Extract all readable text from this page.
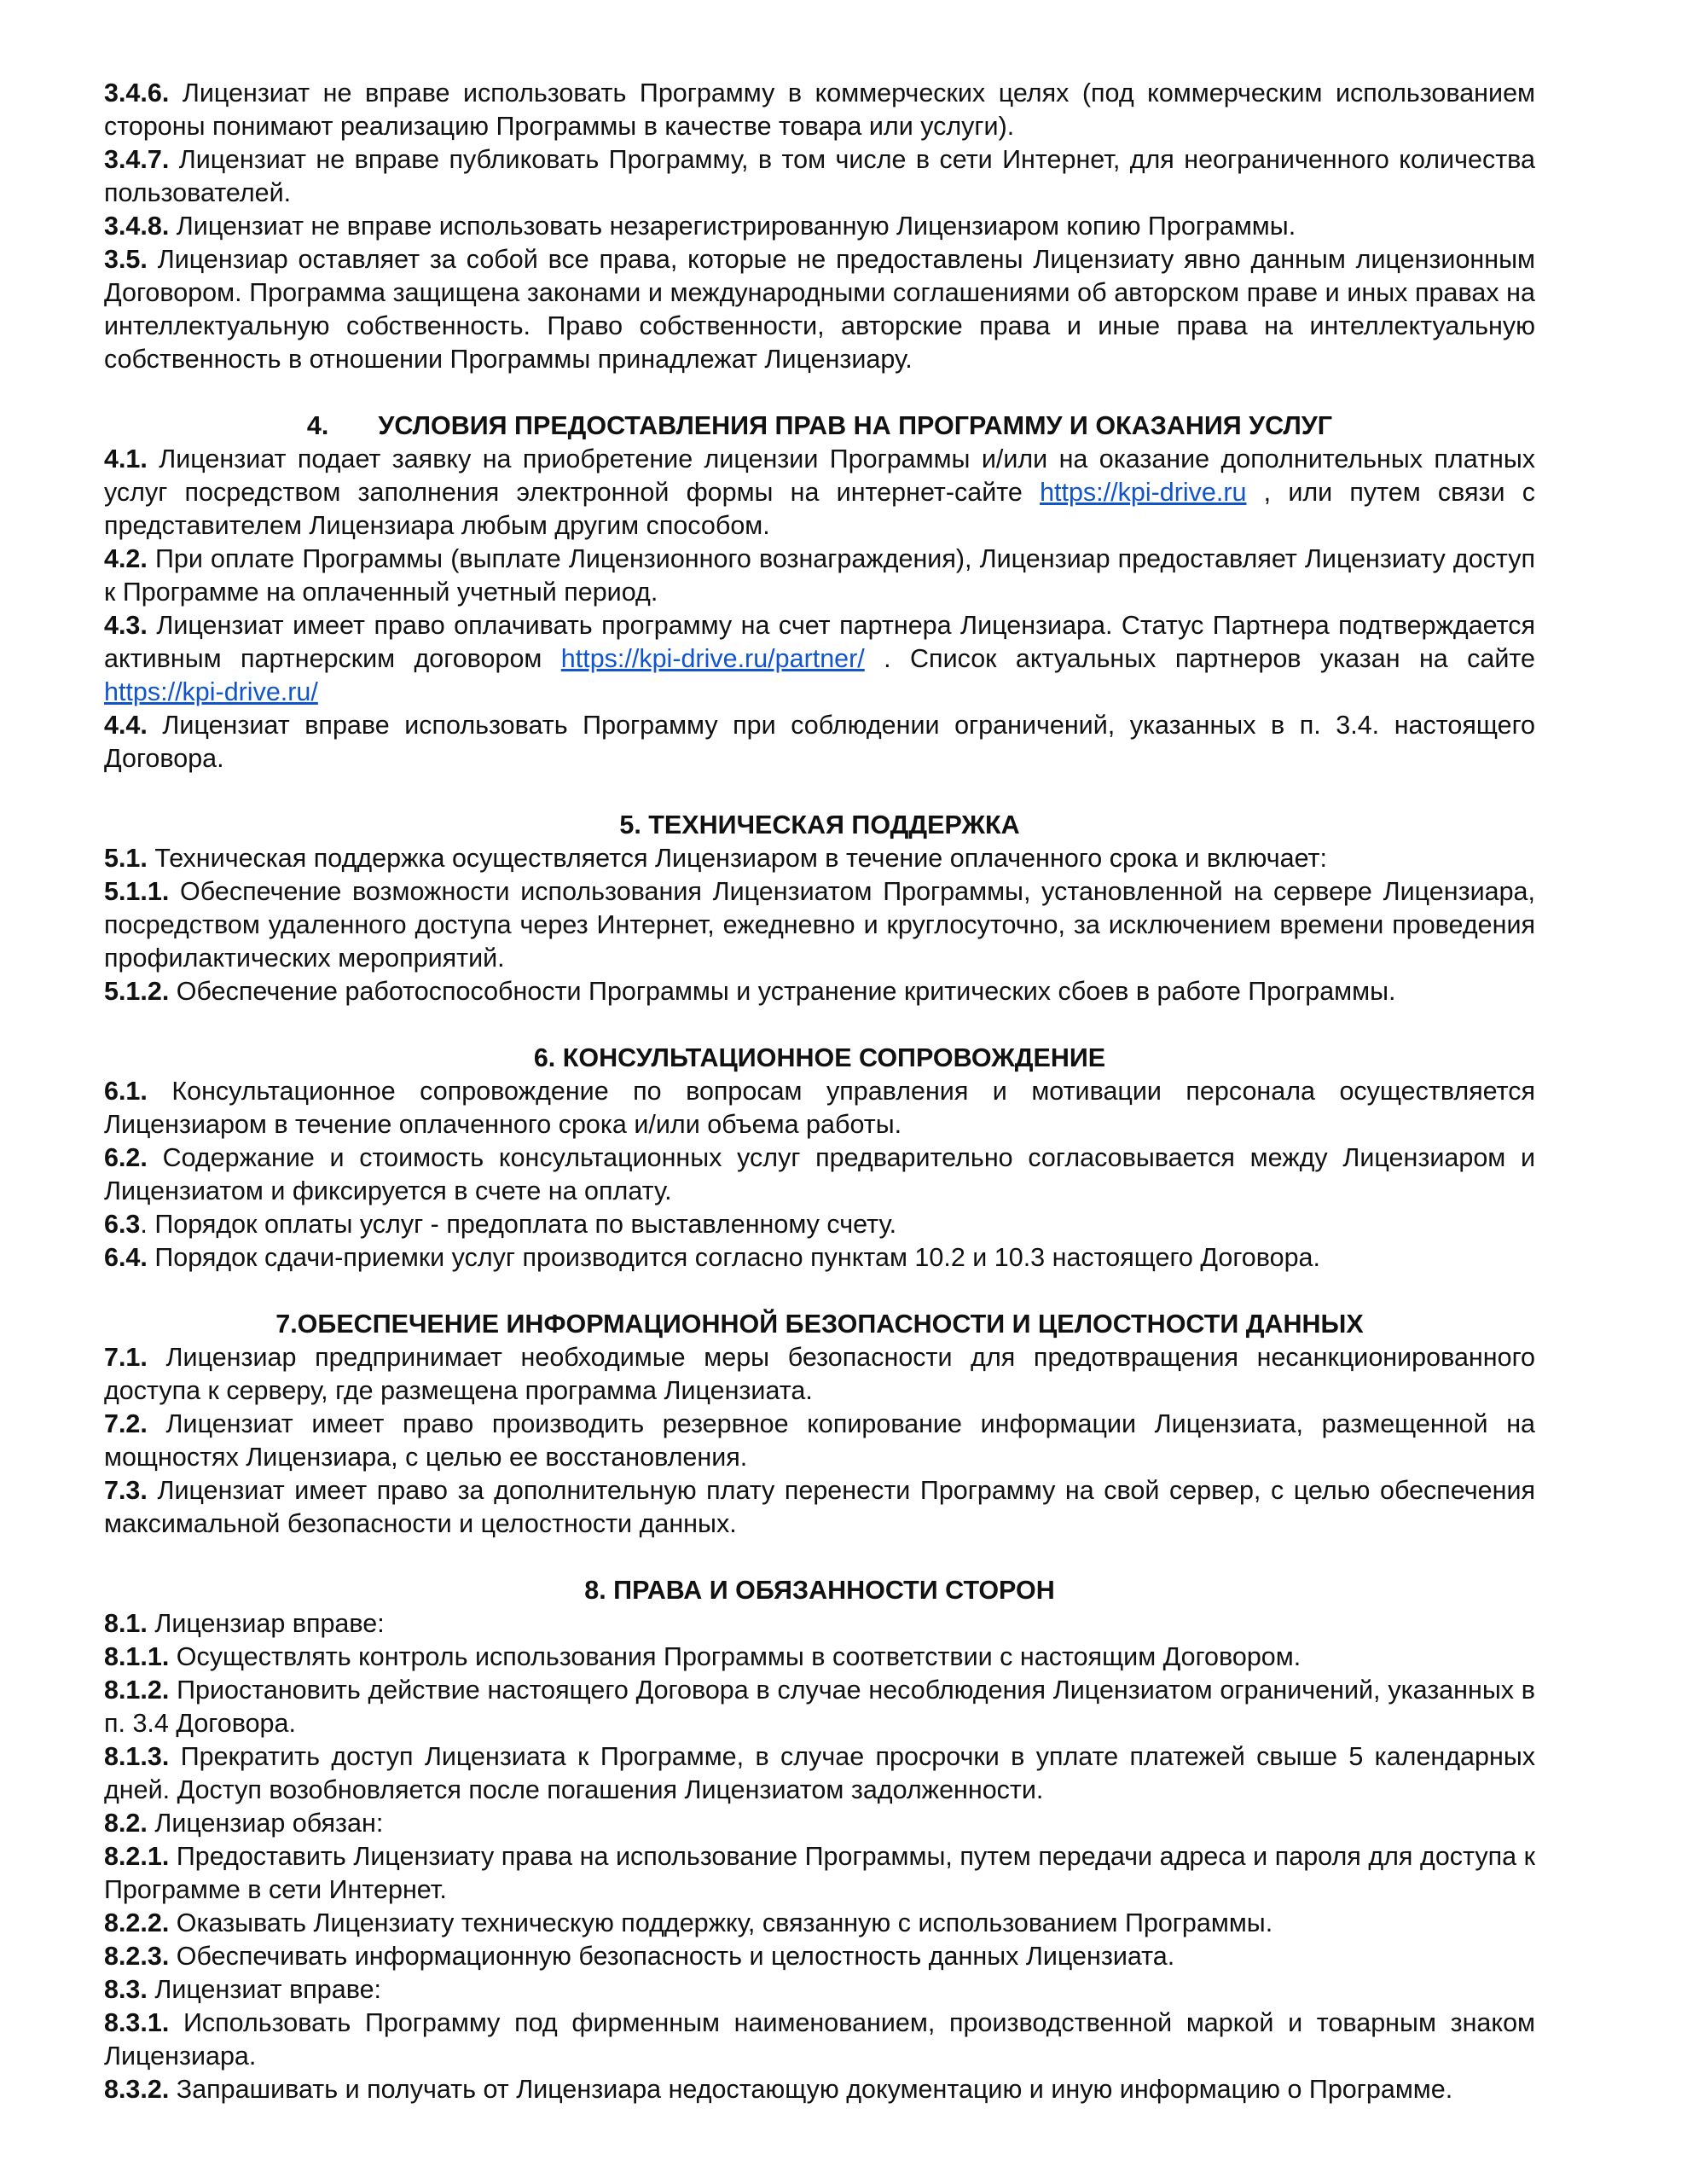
3.4.6. Лицензиат не вправе использовать Программу в коммерческих целях (под коммерческим использованием стороны понимают реализацию Программы в качестве товара или услуги).

3.4.7. Лицензиат не вправе публиковать Программу, в том числе в сети Интернет, для неограниченного количества пользователей.

3.4.8. Лицензиат не вправе использовать незарегистрированную Лицензиаром копию Программы.

3.5. Лицензиар оставляет за собой все права, которые не предоставлены Лицензиату явно данным лицензионным Договором. Программа защищена законами и международными соглашениями об авторском праве и иных правах на интеллектуальную собственность. Право собственности, авторские права и иные права на интеллектуальную собственность в отношении Программы принадлежат Лицензиару.

4. УСЛОВИЯ ПРЕДОСТАВЛЕНИЯ ПРАВ НА ПРОГРАММУ И ОКАЗАНИЯ УСЛУГ

4.1. Лицензиат подает заявку на приобретение лицензии Программы и/или на оказание дополнительных платных услуг посредством заполнения электронной формы на интернет-сайте https://kpi-drive.ru , или путем связи с представителем Лицензиара любым другим способом.

4.2. При оплате Программы (выплате Лицензионного вознаграждения), Лицензиар предоставляет Лицензиату доступ к Программе на оплаченный учетный период.

4.3. Лицензиат имеет право оплачивать программу на счет партнера Лицензиара. Статус Партнера подтверждается активным партнерским договором https://kpi-drive.ru/partner/ . Список актуальных партнеров указан на сайте https://kpi-drive.ru/

4.4. Лицензиат вправе использовать Программу при соблюдении ограничений, указанных в п. 3.4. настоящего Договора.

5. ТЕХНИЧЕСКАЯ ПОДДЕРЖКА

5.1. Техническая поддержка осуществляется Лицензиаром в течение оплаченного срока и включает:

5.1.1. Обеспечение возможности использования Лицензиатом Программы, установленной на сервере Лицензиара, посредством удаленного доступа через Интернет, ежедневно и круглосуточно, за исключением времени проведения профилактических мероприятий.

5.1.2. Обеспечение работоспособности Программы и устранение критических сбоев в работе Программы.

6. КОНСУЛЬТАЦИОННОЕ СОПРОВОЖДЕНИЕ

6.1. Консультационное сопровождение по вопросам управления и мотивации персонала осуществляется Лицензиаром в течение оплаченного срока и/или объема работы.

6.2. Содержание и стоимость консультационных услуг предварительно согласовывается между Лицензиаром и Лицензиатом и фиксируется в счете на оплату.

6.3. Порядок оплаты услуг - предоплата по выставленному счету.

6.4. Порядок сдачи-приемки услуг производится согласно пунктам 10.2 и 10.3 настоящего Договора.

7.ОБЕСПЕЧЕНИЕ ИНФОРМАЦИОННОЙ БЕЗОПАСНОСТИ И ЦЕЛОСТНОСТИ ДАННЫХ

7.1. Лицензиар предпринимает необходимые меры безопасности для предотвращения несанкционированного доступа к серверу, где размещена программа Лицензиата.

7.2. Лицензиат имеет право производить резервное копирование информации Лицензиата, размещенной на мощностях Лицензиара, с целью ее восстановления.

7.3. Лицензиат имеет право за дополнительную плату перенести Программу на свой сервер, с целью обеспечения максимальной безопасности и целостности данных.

8. ПРАВА И ОБЯЗАННОСТИ СТОРОН

8.1. Лицензиар вправе:

8.1.1. Осуществлять контроль использования Программы в соответствии с настоящим Договором.

8.1.2. Приостановить действие настоящего Договора в случае несоблюдения Лицензиатом ограничений, указанных в п. 3.4 Договора.

8.1.3. Прекратить доступ Лицензиата к Программе, в случае просрочки в уплате платежей свыше 5 календарных дней. Доступ возобновляется после погашения Лицензиатом задолженности.

8.2. Лицензиар обязан:

8.2.1. Предоставить Лицензиату права на использование Программы, путем передачи адреса и пароля для доступа к Программе в сети Интернет.

8.2.2. Оказывать Лицензиату техническую поддержку, связанную с использованием Программы.

8.2.3. Обеспечивать информационную безопасность и целостность данных Лицензиата.

8.3. Лицензиат вправе:

8.3.1. Использовать Программу под фирменным наименованием, производственной маркой и товарным знаком Лицензиара.

8.3.2. Запрашивать и получать от Лицензиара недостающую документацию и иную информацию о Программе.
